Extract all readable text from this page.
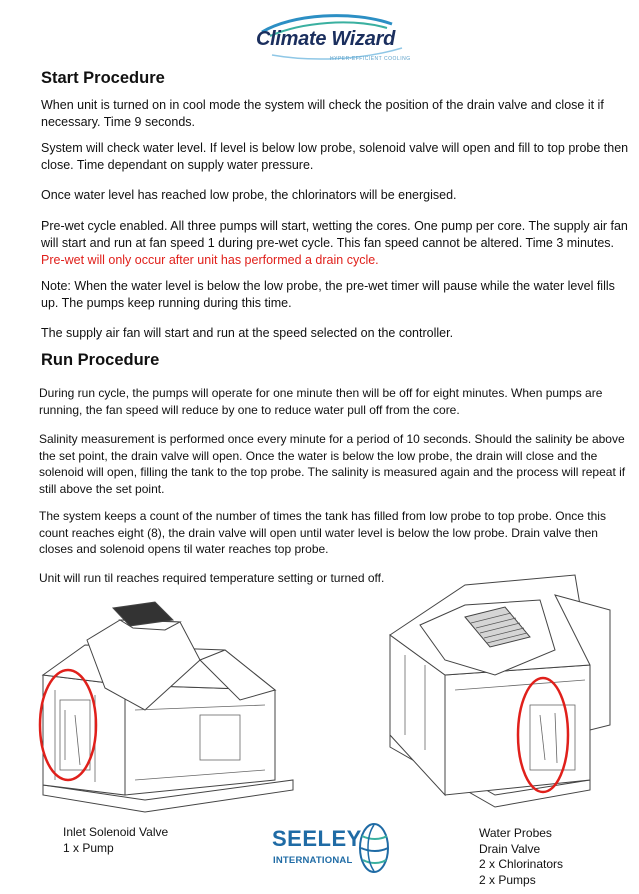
Climate Wizard
HYPER-EFFICIENT COOLING
Start Procedure

When unit is turned on in cool mode the system will check the position of the drain valve and close it if necessary. Time 9 seconds.

System will check water level. If level is below low probe, solenoid valve will open and fill to top probe then close. Time dependant on supply water pressure.

Once water level has reached low probe, the chlorinators will be energised.

Pre-wet cycle enabled. All three pumps will start, wetting the cores. One pump per core. The supply air fan will start and run at fan speed 1 during pre-wet cycle. This fan speed cannot be altered. Time 3 minutes. Pre-wet will only occur after unit has performed a drain cycle.

Note: When the water level is below the low probe, the pre-wet timer will pause while the water level fills up. The pumps keep running during this time.

The supply air fan will start and run at the speed selected on the controller.

Run Procedure

During run cycle, the pumps will operate for one minute then will be off for eight minutes. When pumps are running, the fan speed will reduce by one to reduce water pull off from the core.

Salinity measurement is performed once every minute for a period of 10 seconds. Should the salinity be above the set point, the drain valve will open. Once the water is below the low probe, the drain will close and the solenoid will open, filling the tank to the top probe. The salinity is measured again and the process will repeat if still above the set point.

The system keeps a count of the number of times the tank has filled from low probe to top probe. Once this count reaches eight (8), the drain valve will open until water level is below the low probe. Drain valve then closes and solenoid opens til water reaches top probe.

Unit will run til reaches required temperature setting or turned off.

Inlet Solenoid Valve
1 x Pump
Water Probes
Drain Valve
2 x Chlorinators
2 x Pumps
SEELEY
INTERNATIONAL
